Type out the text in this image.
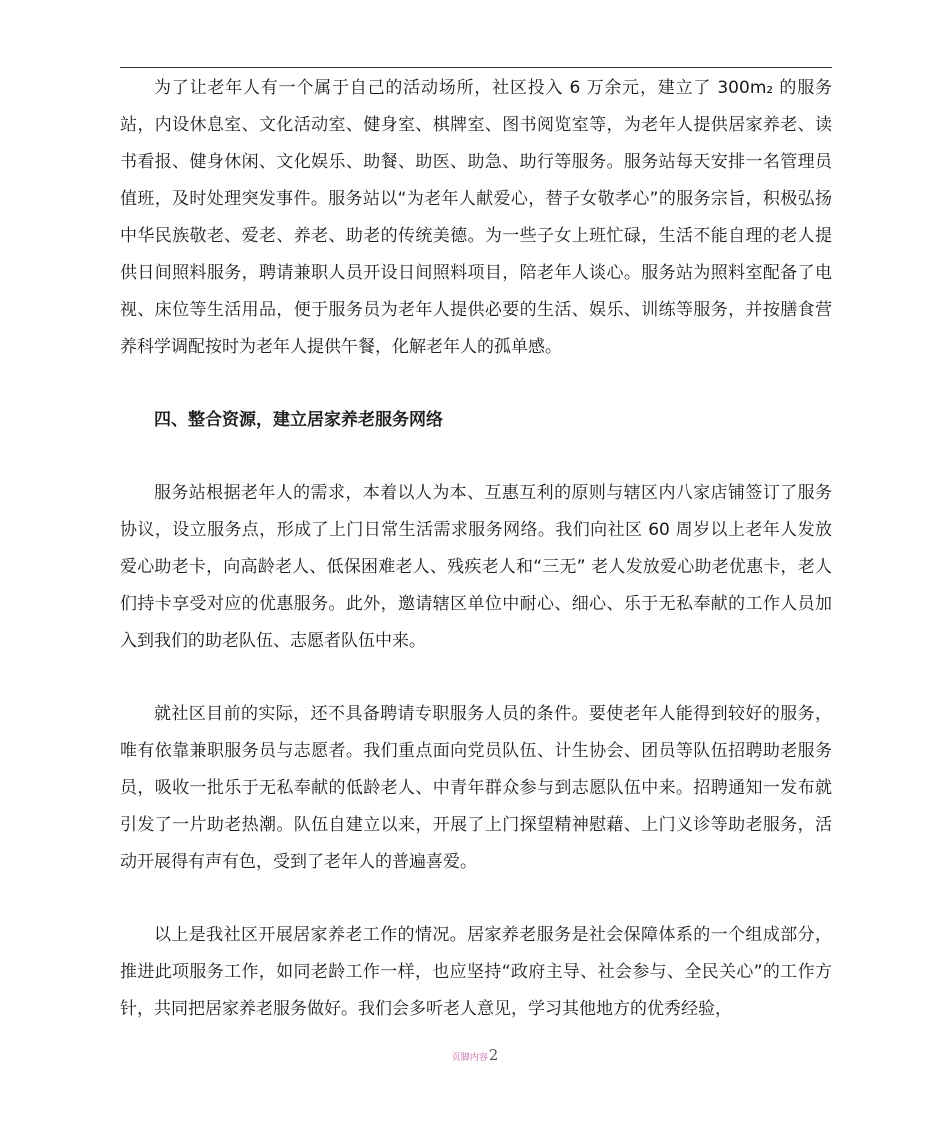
为了让老年人有一个属于自己的活动场所，社区投入 6 万余元，建立了 300m₂ 的服务站，内设休息室、文化活动室、健身室、棋牌室、图书阅览室等，为老年人提供居家养老、读书看报、健身休闲、文化娱乐、助餐、助医、助急、助行等服务。服务站每天安排一名管理员值班，及时处理突发事件。服务站以“为老年人献爱心，替子女敬孝心”的服务宗旨，积极弘扬中华民族敬老、爱老、养老、助老的传统美德。为一些子女上班忙碌，生活不能自理的老人提供日间照料服务，聘请兼职人员开设日间照料项目，陪老年人谈心。服务站为照料室配备了电视、床位等生活用品，便于服务员为老年人提供必要的生活、娱乐、训练等服务，并按膳食营养科学调配按时为老年人提供午餐，化解老年人的孤单感。

四、整合资源，建立居家养老服务网络

服务站根据老年人的需求，本着以人为本、互惠互利的原则与辖区内八家店铺签订了服务协议，设立服务点，形成了上门日常生活需求服务网络。我们向社区 60 周岁以上老年人发放爱心助老卡，向高龄老人、低保困难老人、残疾老人和“三无” 老人发放爱心助老优惠卡，老人们持卡享受对应的优惠服务。此外，邀请辖区单位中耐心、细心、乐于无私奉献的工作人员加入到我们的助老队伍、志愿者队伍中来。

就社区目前的实际，还不具备聘请专职服务人员的条件。要使老年人能得到较好的服务，唯有依靠兼职服务员与志愿者。我们重点面向党员队伍、计生协会、团员等队伍招聘助老服务员，吸收一批乐于无私奉献的低龄老人、中青年群众参与到志愿队伍中来。招聘通知一发布就引发了一片助老热潮。队伍自建立以来，开展了上门探望精神慰藉、上门义诊等助老服务，活动开展得有声有色，受到了老年人的普遍喜爱。

以上是我社区开展居家养老工作的情况。居家养老服务是社会保障体系的一个组成部分，推进此项服务工作，如同老龄工作一样，也应坚持“政府主导、社会参与、全民关心”的工作方针，共同把居家养老服务做好。我们会多听老人意见，学习其他地方的优秀经验，

页脚内容2
